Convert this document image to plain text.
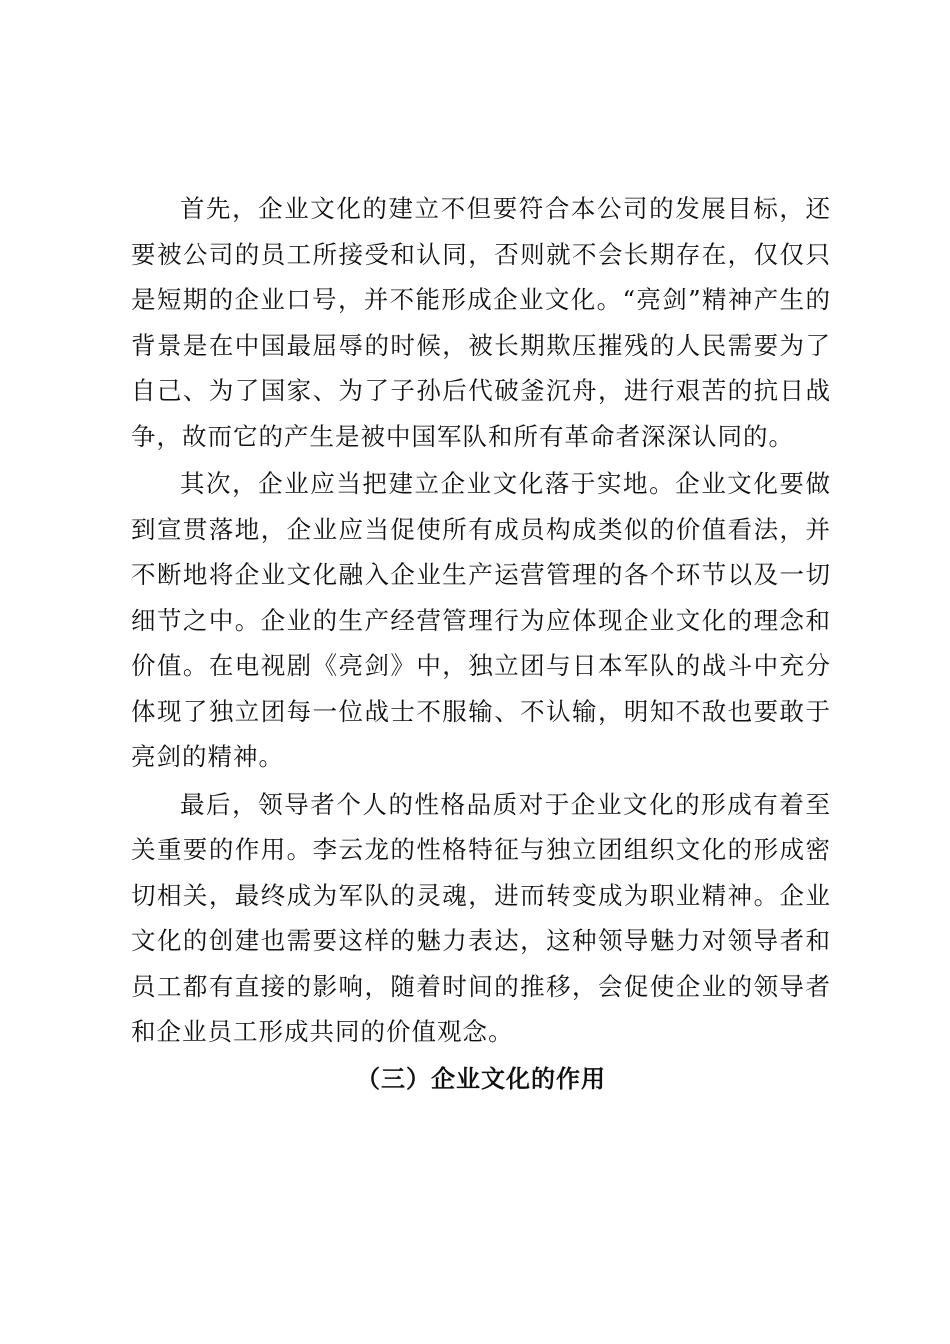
首先，企业文化的建立不但要符合本公司的发展目标，还要被公司的员工所接受和认同，否则就不会长期存在，仅仅只是短期的企业口号，并不能形成企业文化。“亮剑”精神产生的背景是在中国最屈辱的时候，被长期欺压摧残的人民需要为了自己、为了国家、为了子孙后代破釜沉舟，进行艰苦的抗日战争，故而它的产生是被中国军队和所有革命者深深认同的。

其次，企业应当把建立企业文化落于实地。企业文化要做到宣贯落地，企业应当促使所有成员构成类似的价值看法，并不断地将企业文化融入企业生产运营管理的各个环节以及一切细节之中。企业的生产经营管理行为应体现企业文化的理念和价值。在电视剧《亮剑》中，独立团与日本军队的战斗中充分体现了独立团每一位战士不服输、不认输，明知不敌也要敢于亮剑的精神。

最后，领导者个人的性格品质对于企业文化的形成有着至关重要的作用。李云龙的性格特征与独立团组织文化的形成密切相关，最终成为军队的灵魂，进而转变成为职业精神。企业文化的创建也需要这样的魅力表达，这种领导魅力对领导者和员工都有直接的影响，随着时间的推移，会促使企业的领导者和企业员工形成共同的价值观念。

（三）企业文化的作用
